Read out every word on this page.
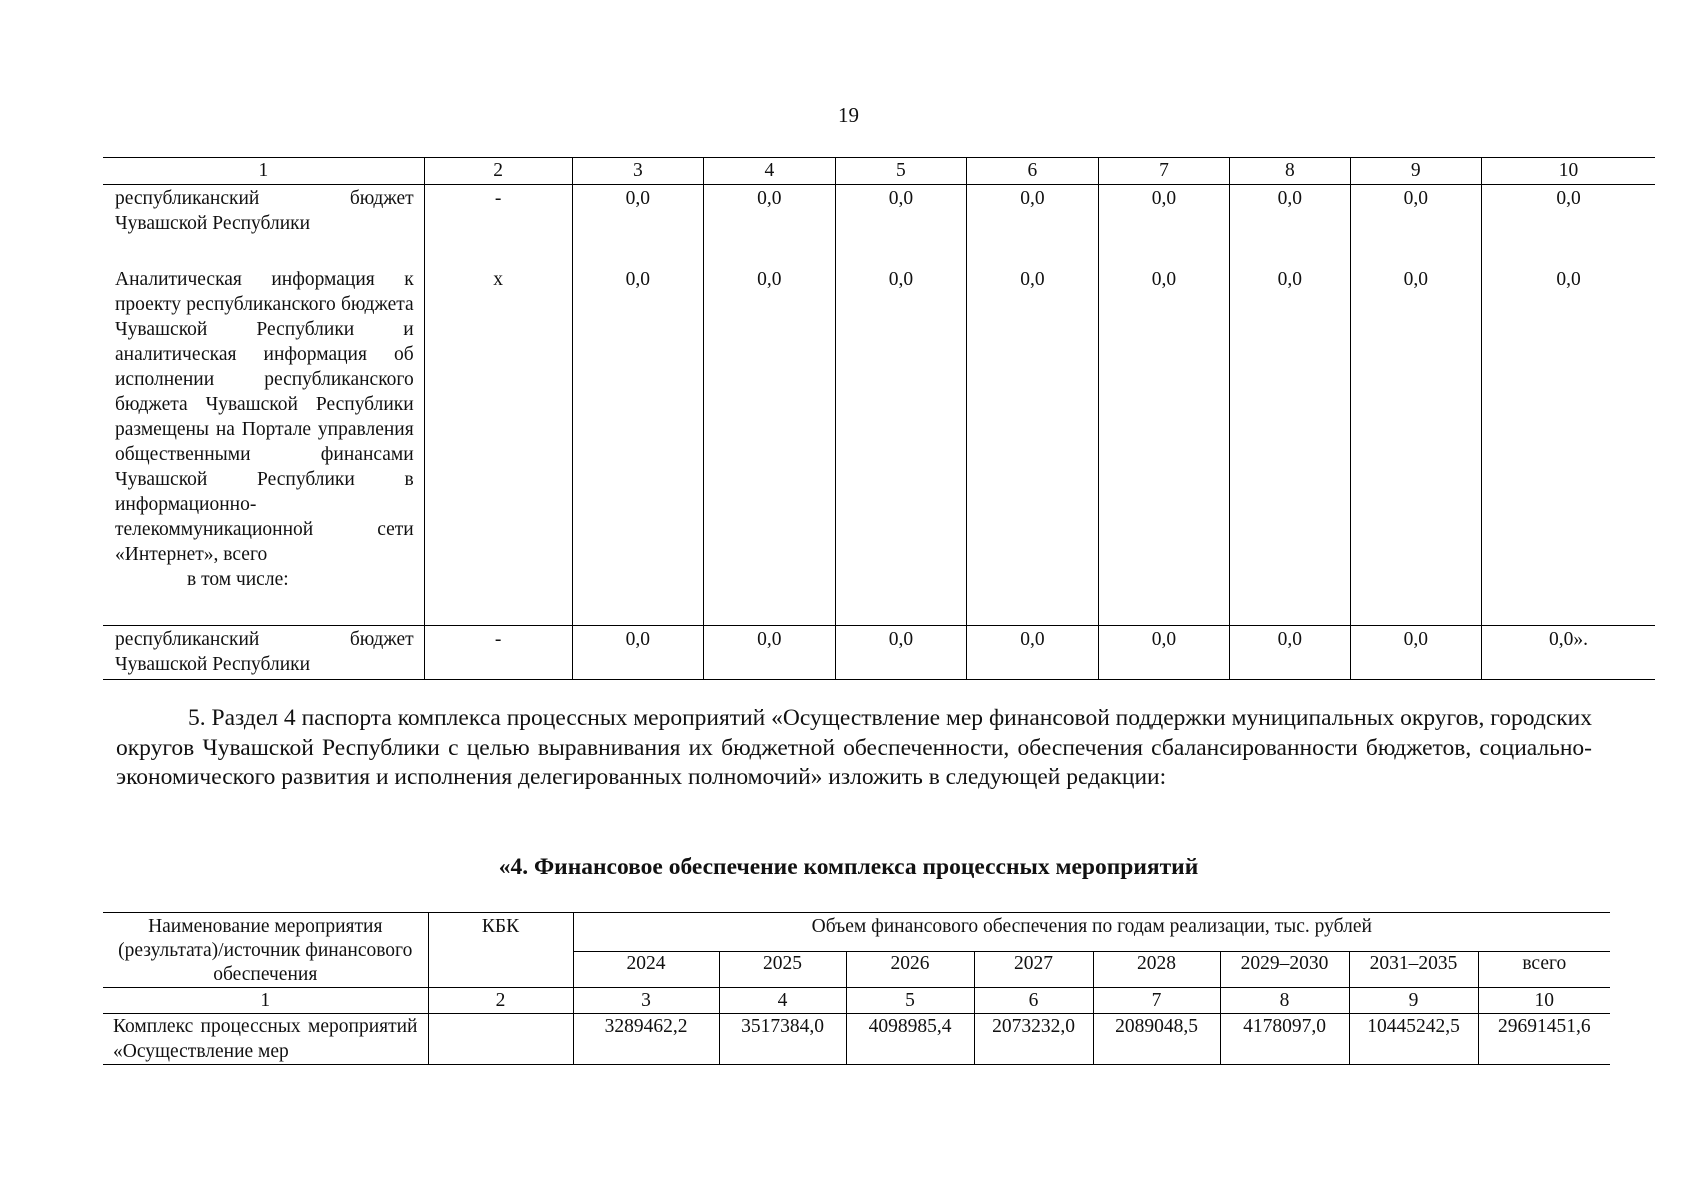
19
1	2	3	4	5	6	7	8	9	10
республиканский бюджет Чувашской Республики	-	0,0	0,0	0,0	0,0	0,0	0,0	0,0	0,0

Аналитическая информация к проекту республиканского бюджета Чувашской Республики и аналитическая информация об исполнении республиканского бюджета Чувашской Республики размещены на Портале управления общественными финансами Чувашской Республики в информационно-телекоммуникационной сети «Интернет», всего
в том числе:	x	0,0	0,0	0,0	0,0	0,0	0,0	0,0	0,0
республиканский бюджет Чувашской Республики	-	0,0	0,0	0,0	0,0	0,0	0,0	0,0	0,0».
5. Раздел 4 паспорта комплекса процессных мероприятий «Осуществление мер финансовой поддержки муниципальных округов, городских округов Чувашской Республики с целью выравнивания их бюджетной обеспеченности, обеспечения сбалансированности бюджетов, социально-экономического развития и исполнения делегированных полномочий» изложить в следующей редакции:
«4. Финансовое обеспечение комплекса процессных мероприятий
Наименование мероприятия (результата)/источник финансового обеспечения	КБК	Объем финансового обеспечения по годам реализации, тыс. рублей							
		2024	2025	2026	2027	2028	2029–2030	2031–2035	всего
1	2	3	4	5	6	7	8	9	10
Комплекс процессных мероприятий «Осуществление мер		3289462,2	3517384,0	4098985,4	2073232,0	2089048,5	4178097,0	10445242,5	29691451,6
